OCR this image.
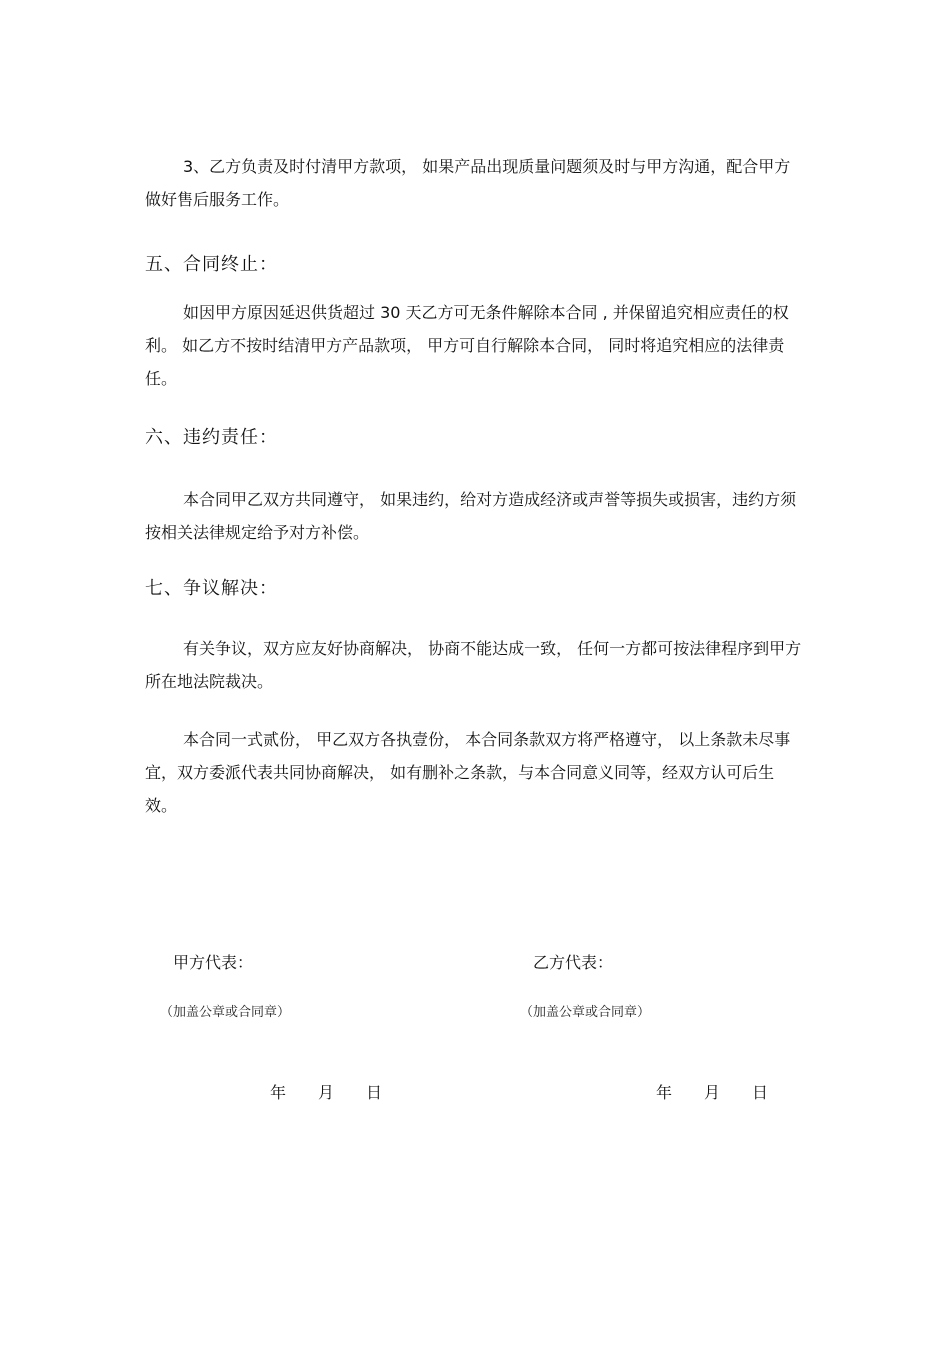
3、乙方负责及时付清甲方款项， 如果产品出现质量问题须及时与甲方沟通，配合甲方做好售后服务工作。

五、合同终止：

如因甲方原因延迟供货超过 30 天乙方可无条件解除本合同 , 并保留追究相应责任的权利。 如乙方不按时结清甲方产品款项， 甲方可自行解除本合同， 同时将追究相应的法律责任。

六、违约责任：

本合同甲乙双方共同遵守， 如果违约，给对方造成经济或声誉等损失或损害，违约方须按相关法律规定给予对方补偿。

七、争议解决：

有关争议，双方应友好协商解决， 协商不能达成一致， 任何一方都可按法律程序到甲方所在地法院裁决。

本合同一式贰份， 甲乙双方各执壹份， 本合同条款双方将严格遵守， 以上条款未尽事宜，双方委派代表共同协商解决， 如有删补之条款，与本合同意义同等，经双方认可后生效。

甲方代表：	乙方代表：

（加盖公章或合同章）	（加盖公章或合同章）

年 月 日	年 月 日
